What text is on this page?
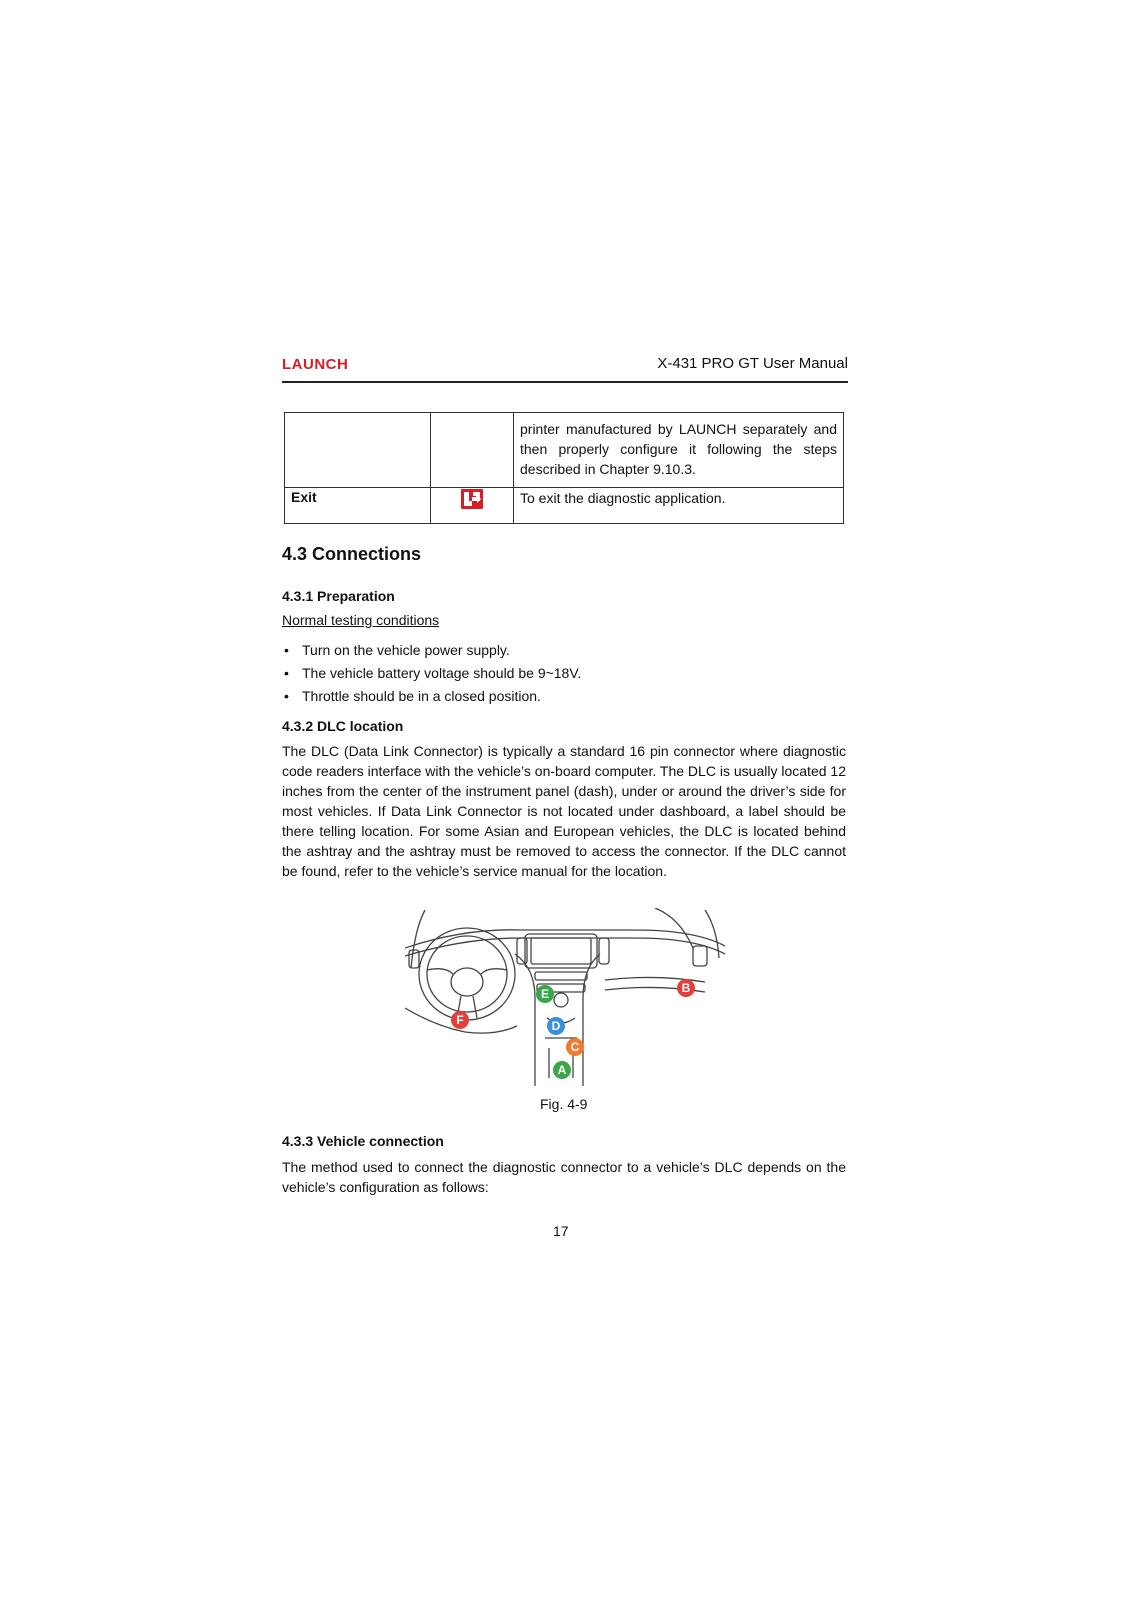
LAUNCH	X-431 PRO GT User Manual
		printer manufactured by LAUNCH separately and then properly configure it following the steps described in Chapter 9.10.3.
Exit		To exit the diagnostic application.
4.3 Connections
4.3.1 Preparation
Normal testing conditions
• Turn on the vehicle power supply.
• The vehicle battery voltage should be 9~18V.
• Throttle should be in a closed position.
4.3.2 DLC location

The DLC (Data Link Connector) is typically a standard 16 pin connector where diagnostic code readers interface with the vehicle’s on-board computer. The DLC is usually located 12 inches from the center of the instrument panel (dash), under or around the driver’s side for most vehicles. If Data Link Connector is not located under dashboard, a label should be there telling location. For some Asian and European vehicles, the DLC is located behind the ashtray and the ashtray must be removed to access the connector. If the DLC cannot be found, refer to the vehicle’s service manual for the location.

E	B
F	D
C
A
Fig. 4-9
4.3.3 Vehicle connection

The method used to connect the diagnostic connector to a vehicle’s DLC depends on the vehicle’s configuration as follows:

17
